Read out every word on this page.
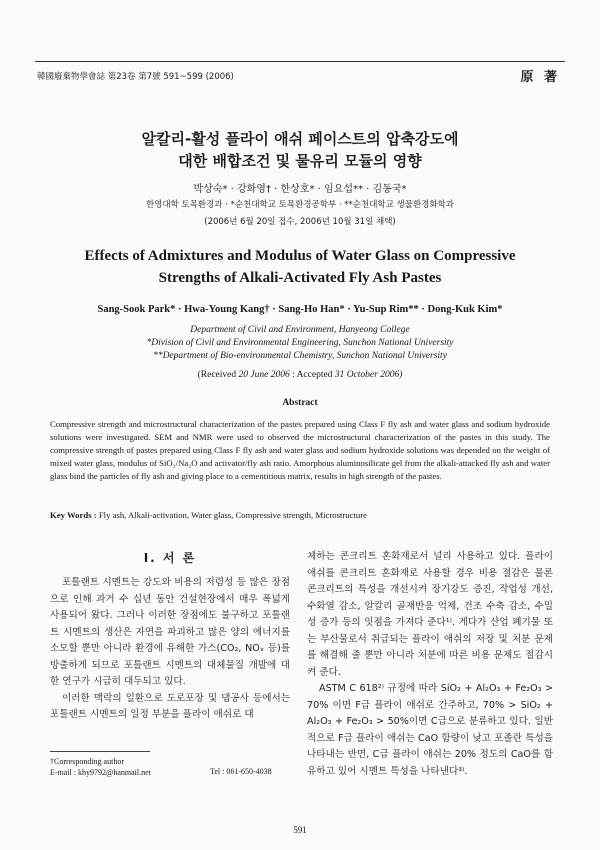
韓國廢棄物學會誌 第23卷 第7號 591~599 (2006)	原 著
알칼리-활성 플라이 애쉬 페이스트의 압축강도에
대한 배합조건 및 물유리 모듈의 영향
박상숙* · 강화영† · 한상호* · 임요섭** · 김동국*
한영대학 토목환경과 · *순천대학교 토목환경공학부 · **순천대학교 생물환경화학과
(2006년 6월 20일 접수, 2006년 10월 31일 채택)
Effects of Admixtures and Modulus of Water Glass on Compressive
Strengths of Alkali-Activated Fly Ash Pastes
Sang-Sook Park* · Hwa-Young Kang† · Sang-Ho Han* · Yu-Sup Rim** · Dong-Kuk Kim*
Department of Civil and Environment, Hanyeong College
*Division of Civil and Environmental Engineering, Sunchon National University
**Department of Bio-environmental Chemistry, Sunchon National University
(Received 20 June 2006 : Accepted 31 October 2006)
Abstract
Compressive strength and microstructural characterization of the pastes prepared using Class F fly ash and water glass and sodium hydroxide solutions were investigated. SEM and NMR were used to observed the microstructural characterization of the pastes in this study. The compressive strength of pastes prepared using Class F fly ash and water glass and sodium hydroxide solutions was depended on the weight of mixed water glass, modulus of SiO₂/Na₂O and activator/fly ash ratio. Amorphous aluminosilicate gel from the alkali-attacked fly ash and water glass bind the particles of fly ash and giving place to a cementitious matrix, results in high strength of the pastes.
Key Words : Fly ash, Alkali-activation, Water glass, Compressive strength, Microstructure
I. 서 론

포틀랜트 시멘트는 강도와 비용의 저렴성 등 많은 장점으로 인해 과거 수 십년 동안 건설현장에서 매우 폭넓게 사용되어 왔다. 그러나 이러한 장점에도 불구하고 포틀랜트 시멘트의 생산은 자연을 파괴하고 많은 양의 에너지를 소모할 뿐만 아니라 환경에 유해한 가스(CO₂, NOₓ 등)를 방출하게 되므로 포틀랜트 시멘트의 대체물질 개발에 대한 연구가 시급히 대두되고 있다.

이러한 맥락의 일환으로 도로포장 및 댐공사 등에서는 포틀랜트 시멘트의 일정 부분을 플라이 애쉬로 대

체하는 콘크리트 혼화재로서 널리 사용하고 있다. 플라이 애쉬를 콘크리트 혼화재로 사용할 경우 비용 절감은 물론 콘크리트의 특성을 개선시켜 장기강도 증진, 작업성 개선, 수화열 감소, 알칼리 골재반응 억제, 건조 수축 감소, 수밀성 증가 등의 잇점을 가져다 준다¹⁾. 게다가 산업 폐기물 또는 부산물로서 취급되는 플라이 애쉬의 저장 및 처분 문제를 해결해 줄 뿐만 아니라 처분에 따른 비용 문제도 절감시켜 준다.

ASTM C 618²⁾ 규정에 따라 SiO₂ + Al₂O₃ + Fe₂O₃ > 70% 이면 F급 플라이 애쉬로 간주하고, 70% > SiO₂ + Al₂O₃ + Fe₂O₃ > 50%이면 C급으로 분류하고 있다. 일반적으로 F급 플라이 애쉬는 CaO 함량이 낮고 포졸란 특성을 나타내는 반면, C급 플라이 애쉬는 20% 정도의 CaO를 함유하고 있어 시멘트 특성을 나타낸다³⁾.

†Corresponding author
E-mail : khy9792@hanmail.net	Tel : 061-650-4038
591
